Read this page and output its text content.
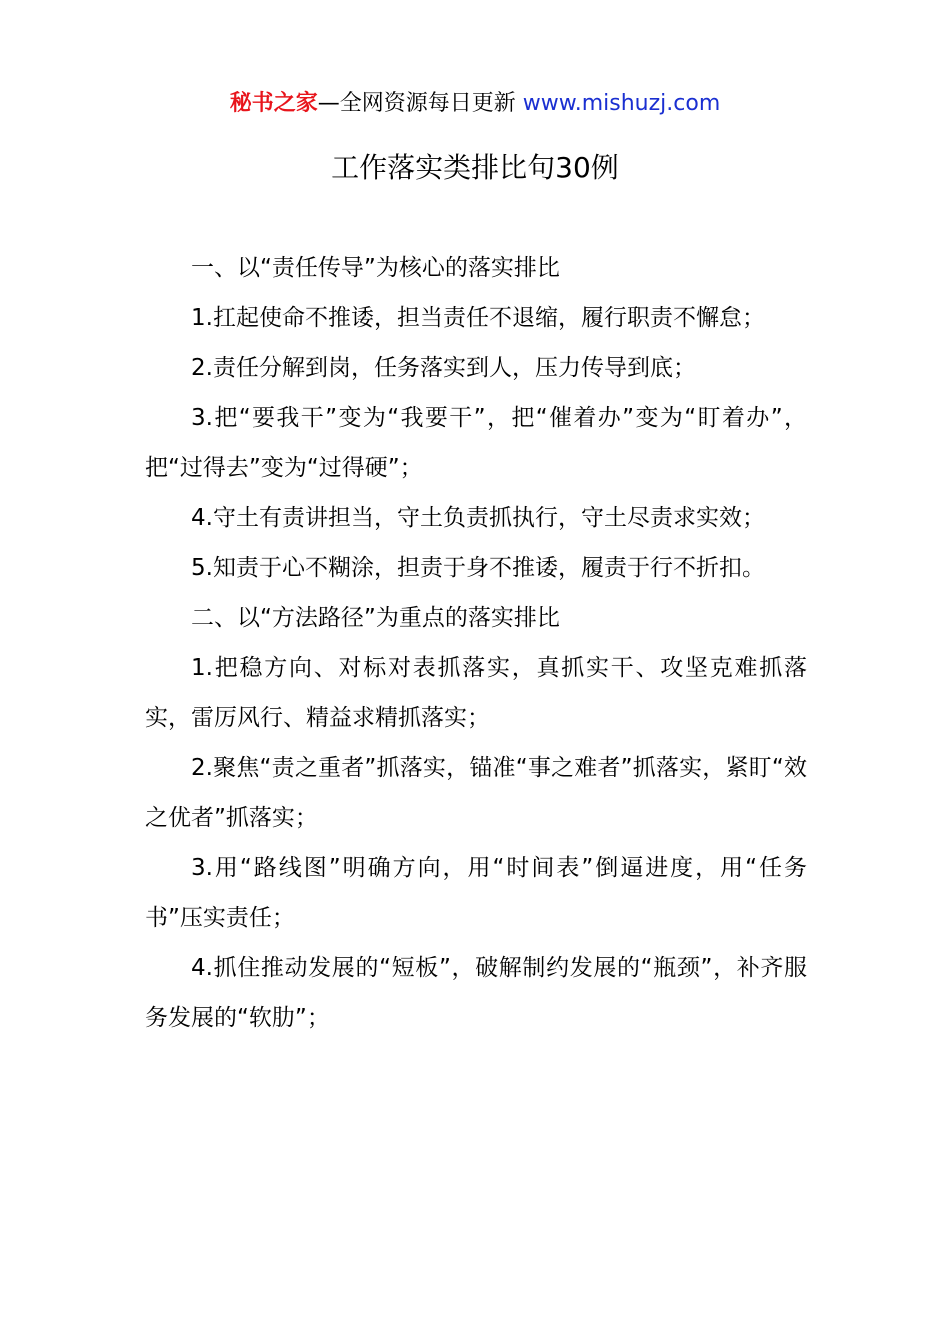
秘书之家—全网资源每日更新 www.mishuzj.com
工作落实类排比句30例

一、以“责任传导”为核心的落实排比

1.扛起使命不推诿，担当责任不退缩，履行职责不懈怠；

2.责任分解到岗，任务落实到人，压力传导到底；

3.把“要我干”变为“我要干”，把“催着办”变为“盯着办”，把“过得去”变为“过得硬”；

4.守土有责讲担当，守土负责抓执行，守土尽责求实效；

5.知责于心不糊涂，担责于身不推诿，履责于行不折扣。

二、以“方法路径”为重点的落实排比

1.把稳方向、对标对表抓落实，真抓实干、攻坚克难抓落实，雷厉风行、精益求精抓落实；

2.聚焦“责之重者”抓落实，锚准“事之难者”抓落实，紧盯“效之优者”抓落实；

3.用“路线图”明确方向，用“时间表”倒逼进度，用“任务书”压实责任；

4.抓住推动发展的“短板”，破解制约发展的“瓶颈”，补齐服务发展的“软肋”；
